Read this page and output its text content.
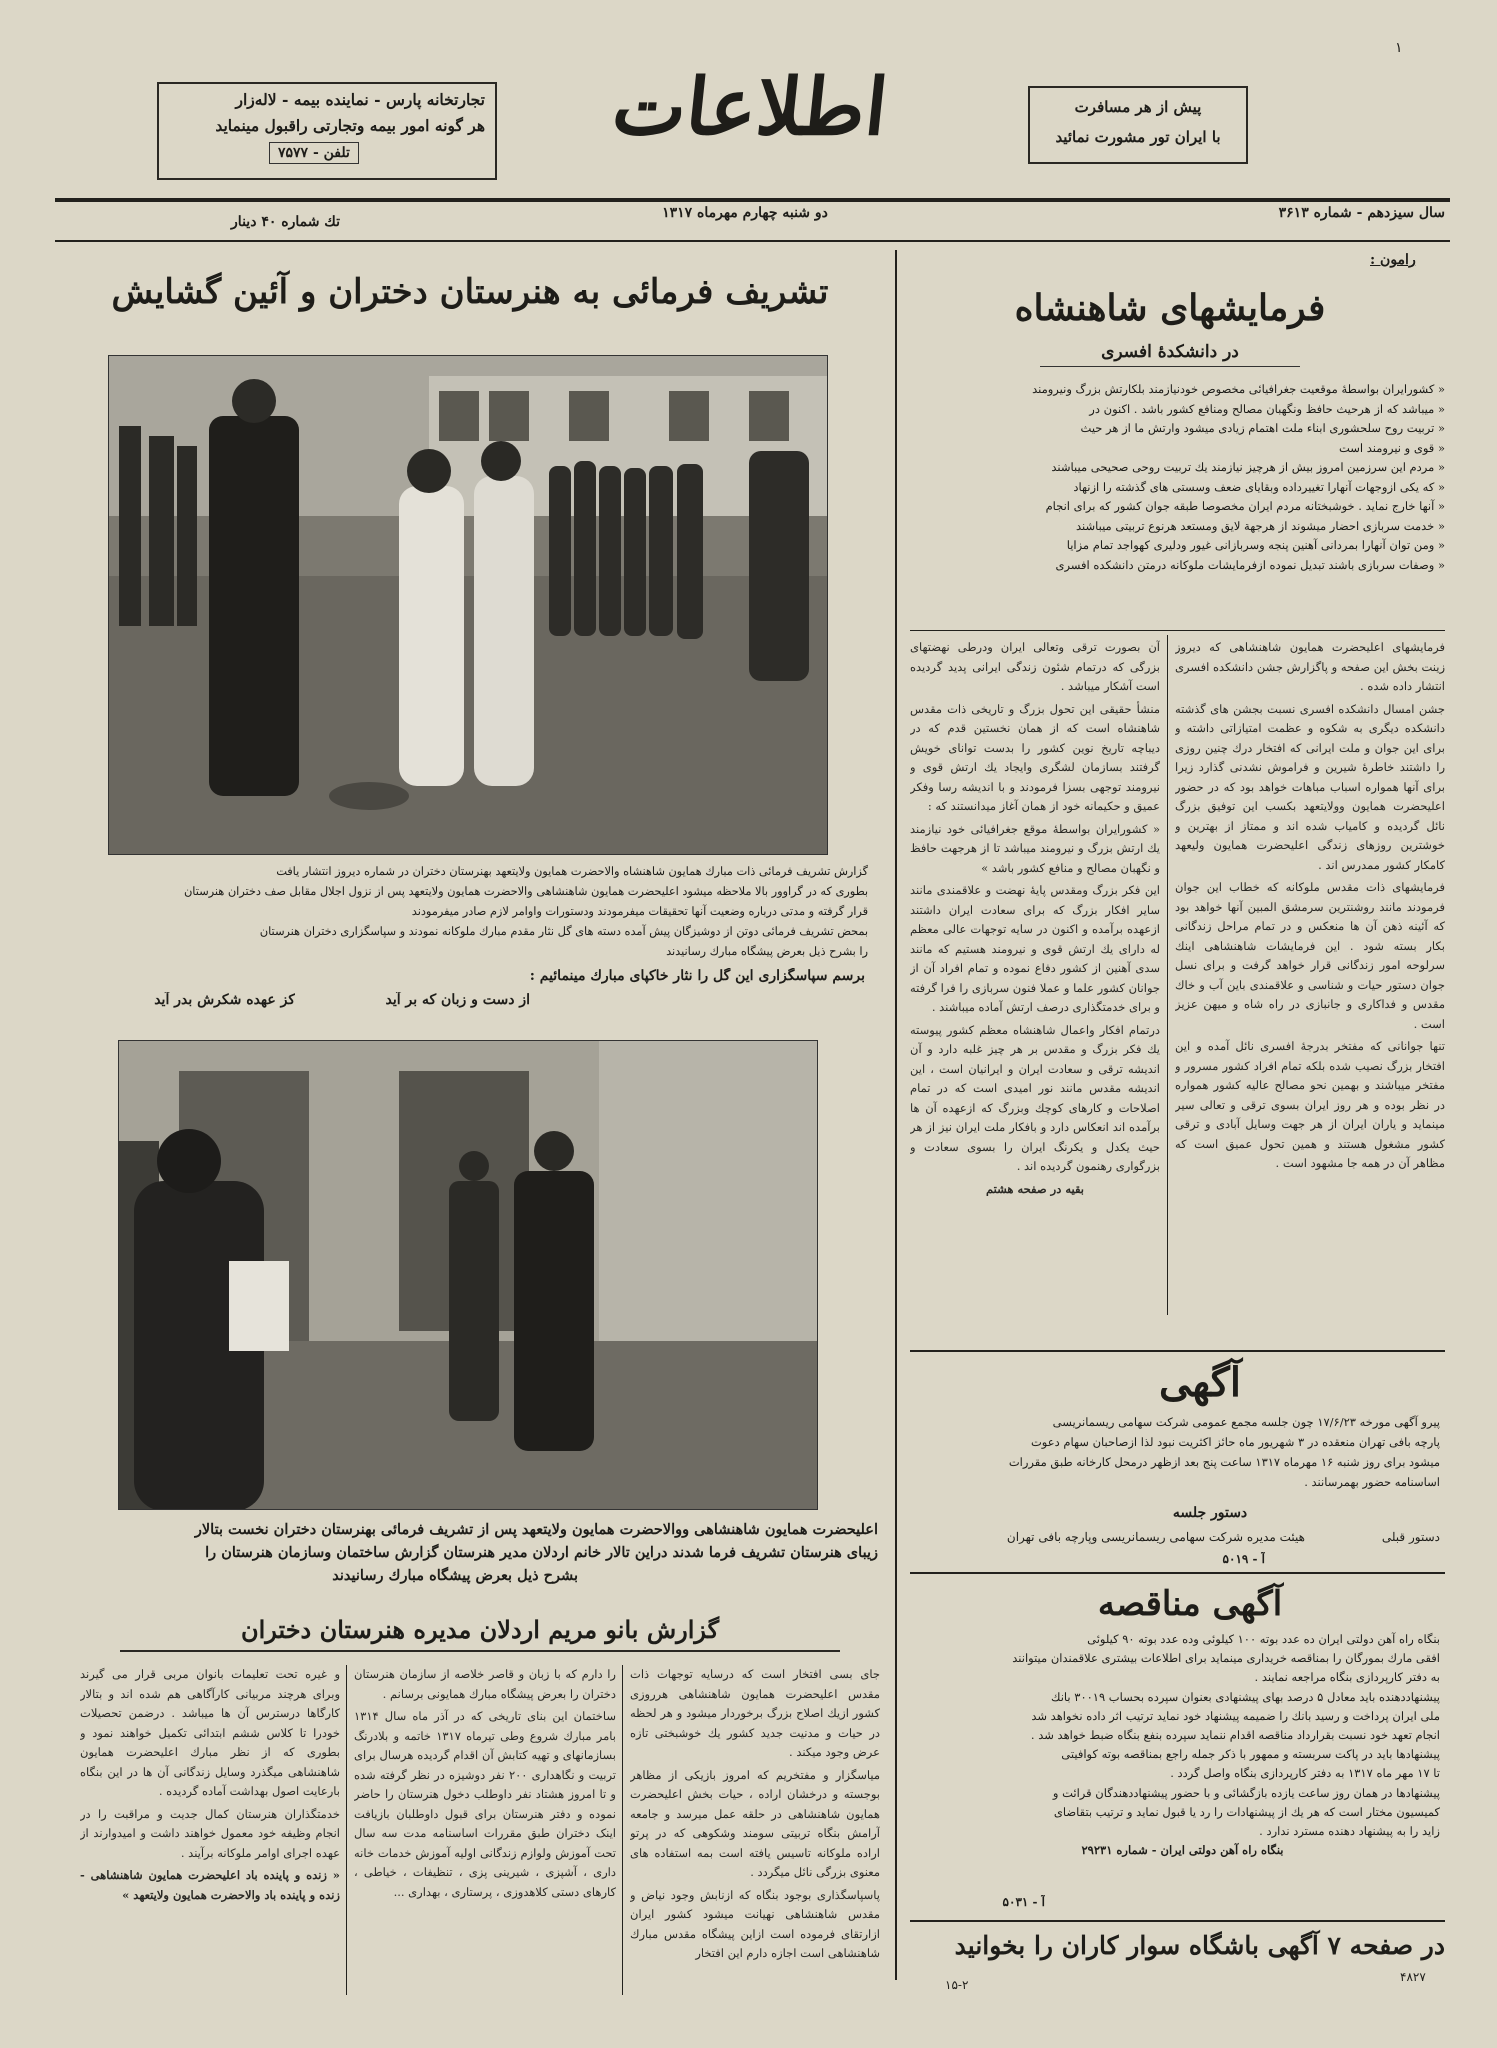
۱
تجارتخانه پارس - نماینده بیمه - لاله‌زار
هر گونه امور بیمه وتجارتی راقبول مینماید
تلفن - ۷۵۷۷	اطلاعات	پیش از هر مسافرت
با ایران تور مشورت نمائید
سال سیزدهم - شماره ۳۶۱۳
دو شنبه چهارم مهرماه ۱۳۱۷
تك شماره ۴۰ دینار
رامون :
فرمایشهای شاهنشاه
در دانشکدهٔ افسری
« کشورایران بواسطهٔ موقعیت جغرافیائی مخصوص خودنیازمند بلکارتش بزرگ ونیرومند
« میباشد که از هرحیث حافظ ونگهبان مصالح ومنافع کشور باشد . اکنون در
« تربیت روح سلحشوری ابناء ملت اهتمام زیادی میشود وارتش ما از هر حیث
« قوی و نیرومند است
« مردم این سرزمین امروز بیش از هرچیز نیازمند یك تربیت روحی صحیحی میباشند
« که یکی ازوجهات آنهارا تغییرداده وبقایای ضعف وسستی های گذشته را ازنهاد
« آنها خارج نماید . خوشبختانه مردم ایران مخصوصا طبقه جوان کشور که برای انجام
« خدمت سربازی احضار میشوند از هرجهة لایق ومستعد هرنوع تربیتی میباشند
« ومن توان آنهارا بمردانی آهنین پنجه وسربازانی غیور ودلیری کهواجد تمام مزایا
« وصفات سربازی باشند تبدیل نموده ازفرمایشات ملوکانه درمتن دانشکده افسری

فرمایشهای اعلیحضرت همایون شاهنشاهی که دیروز زینت بخش این صفحه و پاگزارش جشن دانشکده افسری انتشار داده شده .

جشن امسال دانشکده افسری نسبت بجشن های گذشته دانشکده دیگری به شکوه و عظمت امتیازاتی داشته و برای این جوان و ملت ایرانی که افتخار درك چنین روزی را داشتند خاطرهٔ شیرین و فراموش نشدنی گذارد زیرا برای آنها همواره اسباب مباهات خواهد بود که در حضور اعلیحضرت همایون وولایتعهد بکسب این توفیق بزرگ نائل گردیده و کامیاب شده اند و ممتاز از بهترین و خوشترین روزهای زندگی اعلیحضرت همایون ولیعهد کامکار کشور ممدرس اند .

فرمایشهای ذات مقدس ملوکانه که خطاب این جوان فرمودند مانند روشنترین سرمشق المبین آنها خواهد بود که آئینه ذهن آن ها منعکس و در تمام مراحل زندگانی بکار بسته شود . این فرمایشات شاهنشاهی اینك سرلوحه امور زندگانی قرار خواهد گرفت و برای نسل جوان دستور حیات و شناسی و علاقمندی باین آب و خاك مقدس و فداکاری و جانبازی در راه شاه و میهن عزیز است .

تنها جوانانی که مفتخر بدرجهٔ افسری نائل آمده و این افتخار بزرگ نصیب شده بلکه تمام افراد کشور مسرور و مفتخر میباشند و بهمین نحو مصالح عالیه کشور همواره در نظر بوده و هر روز ایران بسوی ترقی و تعالی سیر مینماید و یاران ایران از هر جهت وسایل آبادی و ترقی کشور مشغول هستند و همین تحول عمیق است که مظاهر آن در همه جا مشهود است .

آن بصورت ترقی وتعالی ایران ودرطی نهضتهای بزرگی که درتمام شئون زندگی ایرانی پدید گردیده است آشکار میباشد .

منشأ حقیقی این تحول بزرگ و تاریخی ذات مقدس شاهنشاه است که از همان نخستین قدم که در دیباچه تاریخ نوین کشور را بدست توانای خویش گرفتند بسازمان لشگری وایجاد یك ارتش قوی و نیرومند توجهی بسزا فرمودند و با اندیشه رسا وفکر عمیق و حکیمانه خود از همان آغاز میدانستند که :

« کشورایران بواسطهٔ موقع جغرافیائی خود نیازمند یك ارتش بزرگ و نیرومند میباشد تا از هرجهت حافظ و نگهبان مصالح و منافع کشور باشد »

این فکر بزرگ ومقدس پایهٔ نهضت و علاقمندی مانند سایر افکار بزرگ که برای سعادت ایران داشتند ازعهده برآمده و اکنون در سایه توجهات عالی معظم له دارای یك ارتش قوی و نیرومند هستیم که مانند سدی آهنین از کشور دفاع نموده و تمام افراد آن از جوانان کشور علما و عملا فنون سربازی را فرا گرفته و برای خدمتگذاری درصف ارتش آماده میباشند .

درتمام افکار واعمال شاهنشاه معظم کشور پیوسته یك فکر بزرگ و مقدس بر هر چیز غلبه دارد و آن اندیشه ترقی و سعادت ایران و ایرانیان است ، این اندیشه مقدس مانند نور امیدی است که در تمام اصلاحات و کارهای کوچك وبزرگ که ازعهده آن ها برآمده اند انعکاس دارد و بافکار ملت ایران نیز از هر حیث یکدل و یکرنگ ایران را بسوی سعادت و بزرگواری رهنمون گردیده اند .

بقیه در صفحه هشتم

آگهی
پیرو آگهی مورخه ۱۷/۶/۲۳ چون جلسه مجمع عمومی شرکت سهامی ریسمانریسی
پارچه بافی تهران منعقده در ۳ شهریور ماه حائز اکثریت نبود لذا ازصاحبان سهام دعوت
میشود برای روز شنبه ۱۶ مهرماه ۱۳۱۷ ساعت پنج بعد ازظهر درمحل کارخانه طبق مقررات
اساسنامه حضور بهمرسانند .
دستور جلسه
دستور قبلی
هیئت مدیره شرکت سهامی ریسمانریسی وپارچه بافی تهران
آ - ۵۰۱۹
آگهی مناقصه
بنگاه راه آهن دولتی ایران ده عدد بوته ۱۰۰ کیلوئی وده عدد بوته ۹۰ کیلوئی
افقی مارك بمورگان را بمناقصه خریداری مینماید برای اطلاعات بیشتری علاقمندان میتوانند
به دفتر کارپردازی بنگاه مراجعه نمایند .
پیشنهاددهنده باید معادل ۵ درصد بهای پیشنهادی بعنوان سپرده بحساب ۳۰۰۱۹ بانك
ملی ایران پرداخت و رسید بانك را ضمیمه پیشنهاد خود نماید ترتیب اثر داده نخواهد شد
انجام تعهد خود نسبت بقرارداد مناقصه اقدام ننماید سپرده بنفع بنگاه ضبط خواهد شد .
پیشنهادها باید در پاکت سربسته و ممهور با ذکر جمله راجع بمناقصه بوته کوافیتی
تا ۱۷ مهر ماه ۱۳۱۷ به دفتر کارپردازی بنگاه واصل گردد .
پیشنهادها در همان روز ساعت یازده بازگشائی و با حضور پیشنهاددهندگان قرائت و
کمیسیون مختار است که هر یك از پیشنهادات را رد یا قبول نماید و ترتیب بتقاضای
زاید را به پیشنهاد دهنده مسترد ندارد .
بنگاه راه آهن دولتی ایران - شماره ۲۹۲۳۱
آ - ۵۰۳۱
در صفحه ۷ آگهی باشگاه سوار کاران را بخوانید
۴۸۲۷
۱۵-۲
تشریف فرمائی به هنرستان دختران و آئین گشایش
گزارش تشریف فرمائی ذات مبارك همایون شاهنشاه والاحضرت همایون ولایتعهد بهنرستان دختران در شماره دیروز انتشار یافت
بطوری که در گراوور بالا ملاحظه میشود اعلیحضرت همایون شاهنشاهی والاحضرت همایون ولایتعهد پس از نزول اجلال مقابل صف دختران هنرستان
قرار گرفته و مدتی درباره وضعیت آنها تحقیقات میفرمودند ودستورات واوامر لازم صادر میفرمودند
بمحض تشریف فرمائی دوتن از دوشیزگان پیش آمده دسته های گل نثار مقدم مبارك ملوکانه نمودند و سپاسگزاری دختران هنرستان
را بشرح ذیل بعرض پیشگاه مبارك رسانیدند
برسم سپاسگزاری این گل را نثار خاکپای مبارك مینمائیم :
از دست و زبان که بر آید
کز عهده شکرش بدر آید
اعلیحضرت همایون شاهنشاهی ووالاحضرت همایون ولایتعهد پس از تشریف فرمائی بهنرستان دختران نخست بتالار
زیبای هنرستان تشریف فرما شدند دراین تالار خانم اردلان مدیر هنرستان گزارش ساختمان وسازمان هنرستان را
بشرح ذیل بعرض پیشگاه مبارك رسانیدند
گزارش بانو مریم اردلان مدیره هنرستان دختران

جای بسی افتخار است که درسایه توجهات ذات مقدس اعلیحضرت همایون شاهنشاهی هرروزی کشور ازیك اصلاح بزرگ برخوردار میشود و هر لحظه در حیات و مدنیت جدید کشور یك خوشبختی تازه عرض وجود میکند .

میاسگزار و مفتخریم که امروز بازیکی از مظاهر بوجسته و درخشان اراده ، حیات بخش اعلیحضرت همایون شاهنشاهی در حلقه عمل میرسد و جامعه آرامش بنگاه تربیتی سومند وشکوهی که در پرتو اراده ملوکانه تاسیس یافته است بمه استفاده های معنوی بزرگی نائل میگردد .

پاسپاسگذاری بوجود بنگاه که ازنابش وجود نیاض و مقدس شاهنشاهی نهیانت میشود کشور ایران ازارتقای فرموده است ازاین پیشگاه مقدس مبارك شاهنشاهی است اجازه دارم این افتخار

را دارم که با زبان و قاصر خلاصه از سازمان هنرستان دختران را بعرض پیشگاه مبارك همایونی برسانم .

ساختمان این بنای تاریخی که در آذر ماه سال ۱۳۱۴ بامر مبارك شروع وطی تیرماه ۱۳۱۷ خاتمه و بلادرنگ بسازمانهای و تهیه کتابش آن اقدام گردیده هرسال برای تربیت و نگاهداری ۲۰۰ نفر دوشیزه در نظر گرفته شده و تا امروز هشتاد نفر داوطلب دخول هنرستان را حاضر نموده و دفتر هنرستان برای قبول داوطلبان بازیافت اینک دختران طبق مقررات اساسنامه مدت سه سال تحت آموزش ولوازم زندگانی اولیه آموزش خدمات خانه داری ، آشپزی ، شیرینی پزی ، تنظیفات ، خیاطی ، کارهای دستی کلاهدوزی ، پرستاری ، بهداری ...

و غیره تحت تعلیمات بانوان مربی قرار می گیرند وبرای هرچند مربیانی کارآگاهی هم شده اند و بتالار کارگاها درسترس آن ها میباشد . درضمن تحصیلات خودرا تا کلاس ششم ابتدائی تکمیل خواهند نمود و بطوری که از نظر مبارك اعلیحضرت همایون شاهنشاهی میگذرد وسایل زندگانی آن ها در این بنگاه بارعایت اصول بهداشت آماده گردیده .

خدمتگذاران هنرستان کمال جدیت و مراقبت را در انجام وظیفه خود معمول خواهند داشت و امیدوارند از عهده اجرای اوامر ملوکانه برآیند .

« زنده و پاینده باد اعلیحضرت همایون شاهنشاهی - زنده و پاینده باد والاحضرت همایون ولایتعهد »
